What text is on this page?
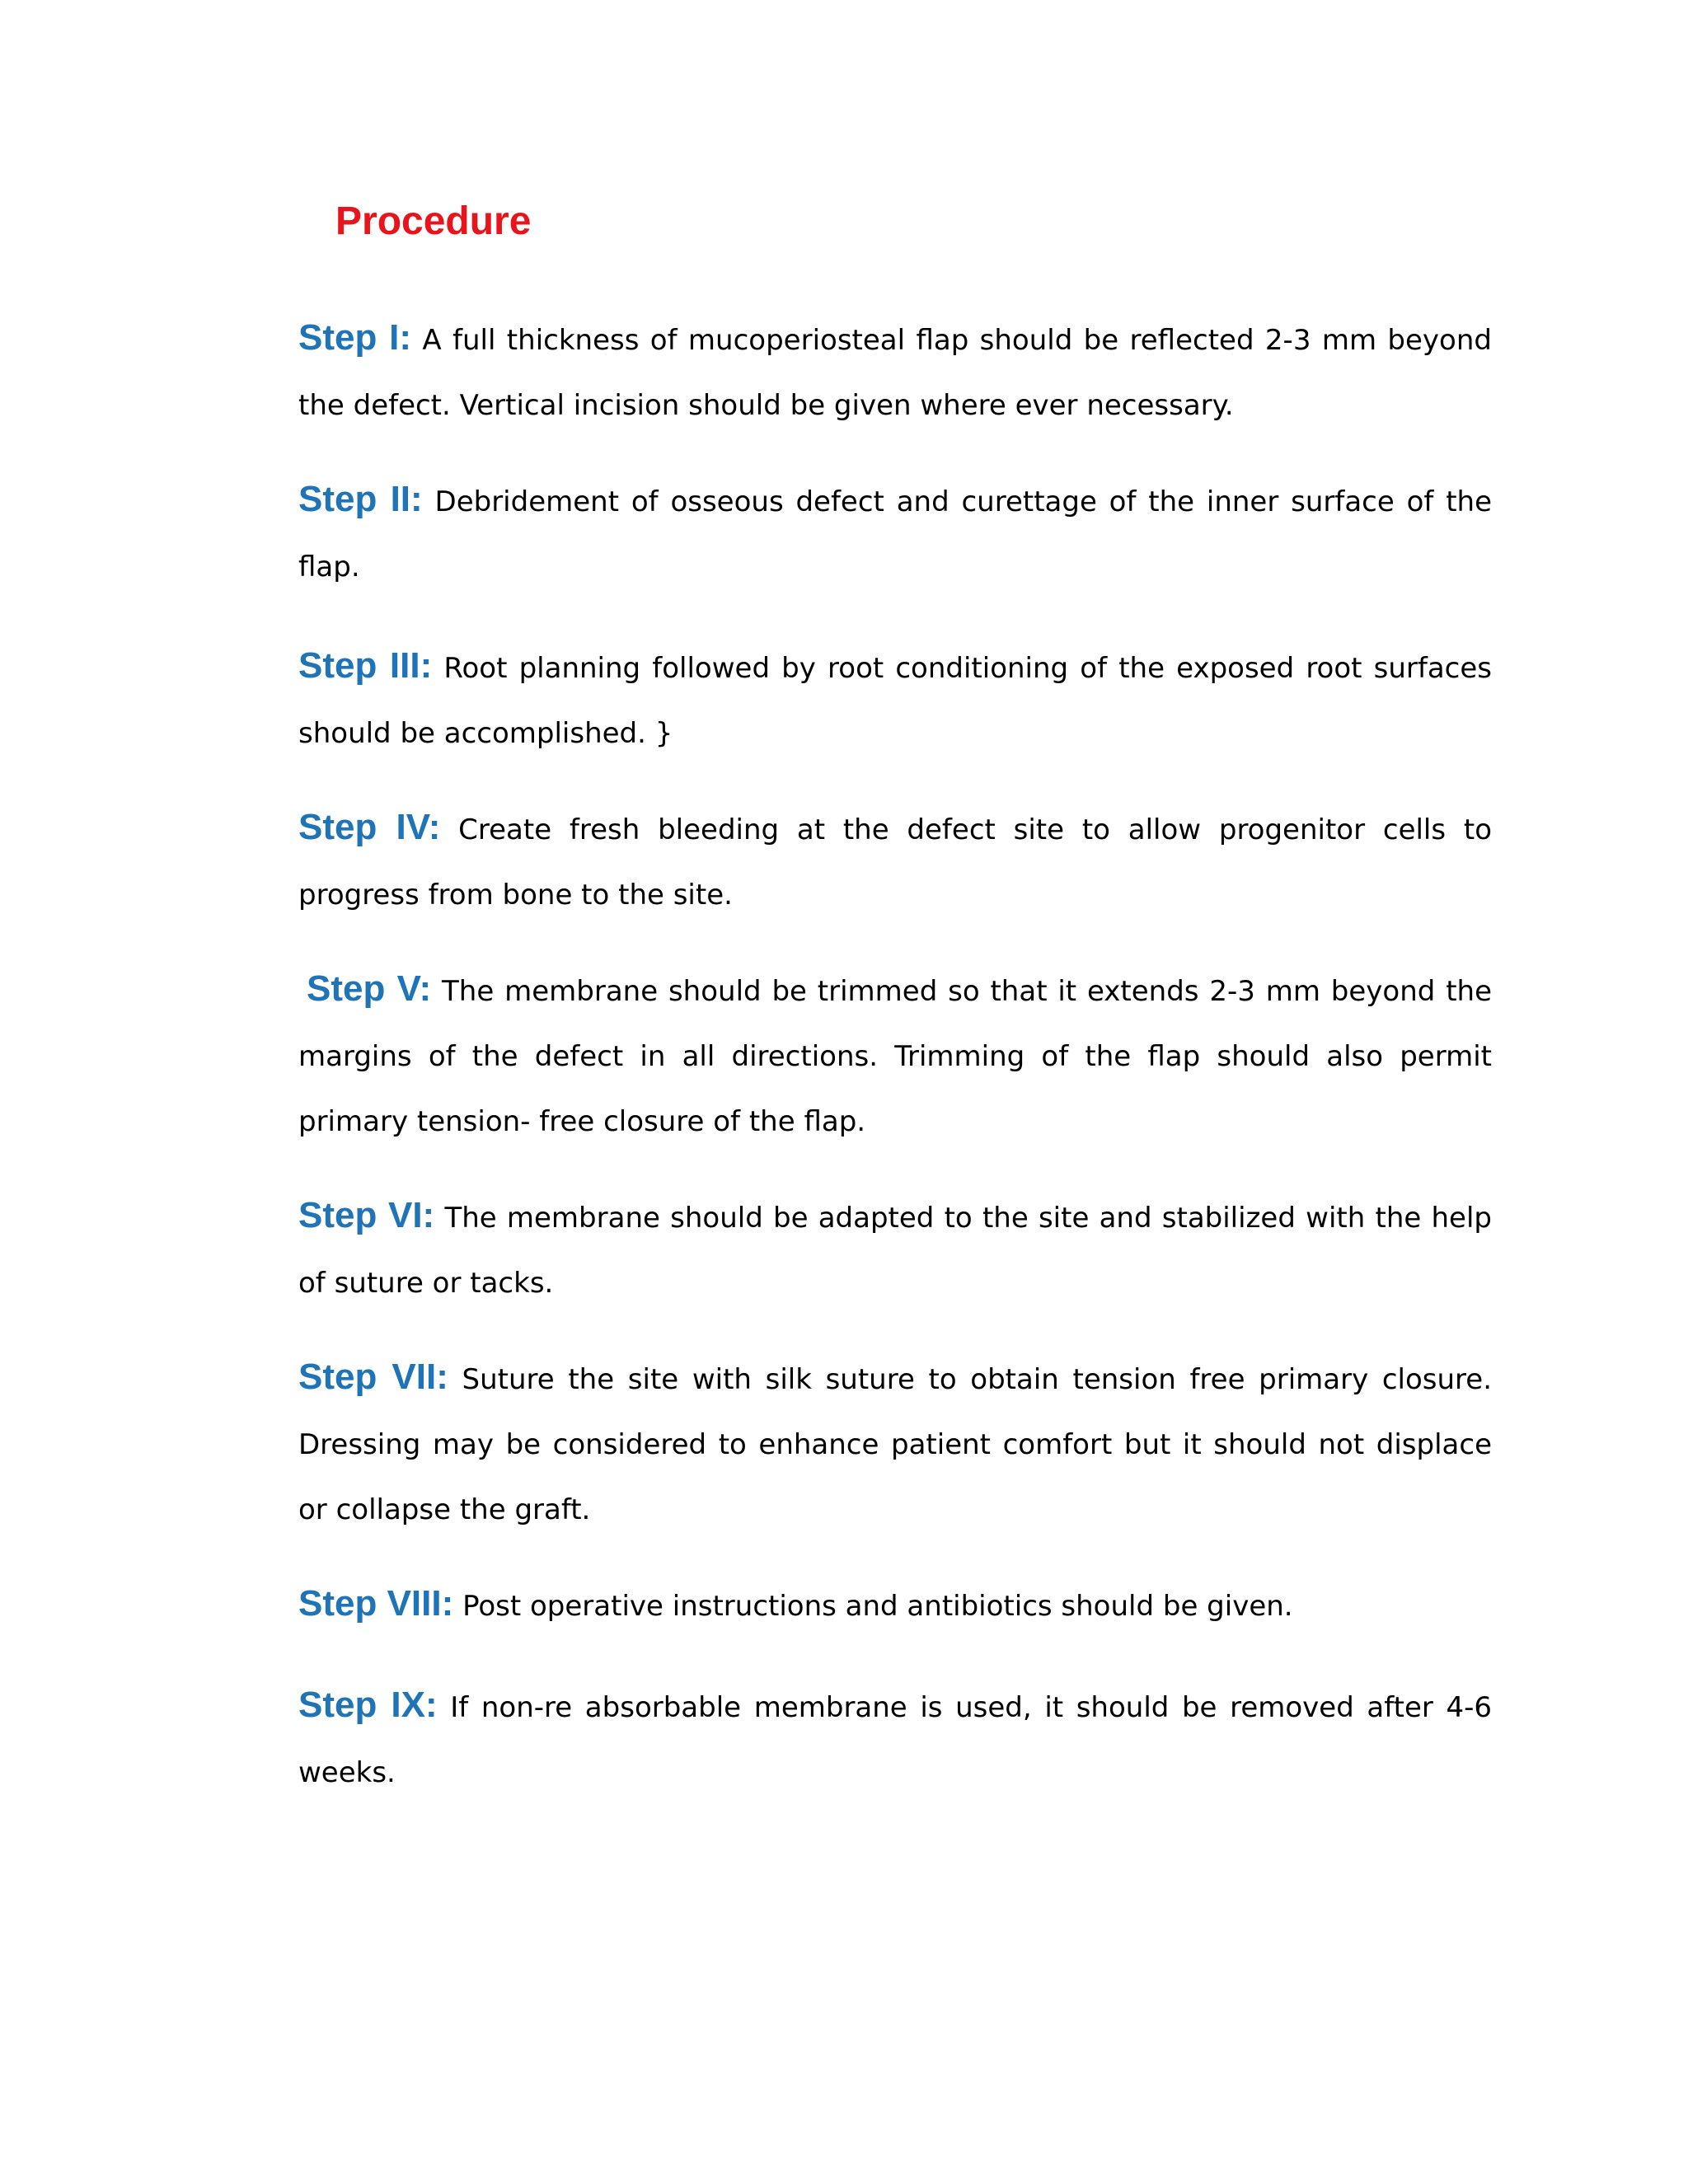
Procedure

Step I: A full thickness of mucoperiosteal flap should be reflected 2-3 mm beyond the defect. Vertical incision should be given where ever necessary.

Step II: Debridement of osseous defect and curettage of the inner surface of the flap.

Step III: Root planning followed by root conditioning of the exposed root surfaces should be accomplished. }

Step IV: Create fresh bleeding at the defect site to allow progenitor cells to progress from bone to the site.

Step V: The membrane should be trimmed so that it extends 2-3 mm beyond the margins of the defect in all directions. Trimming of the flap should also permit primary tension- free closure of the flap.

Step VI: The membrane should be adapted to the site and stabilized with the help of suture or tacks.

Step VII: Suture the site with silk suture to obtain tension free primary closure. Dressing may be considered to enhance patient comfort but it should not displace or collapse the graft.

Step VIII: Post operative instructions and antibiotics should be given.

Step IX: If non-re absorbable membrane is used, it should be removed after 4-6 weeks.
